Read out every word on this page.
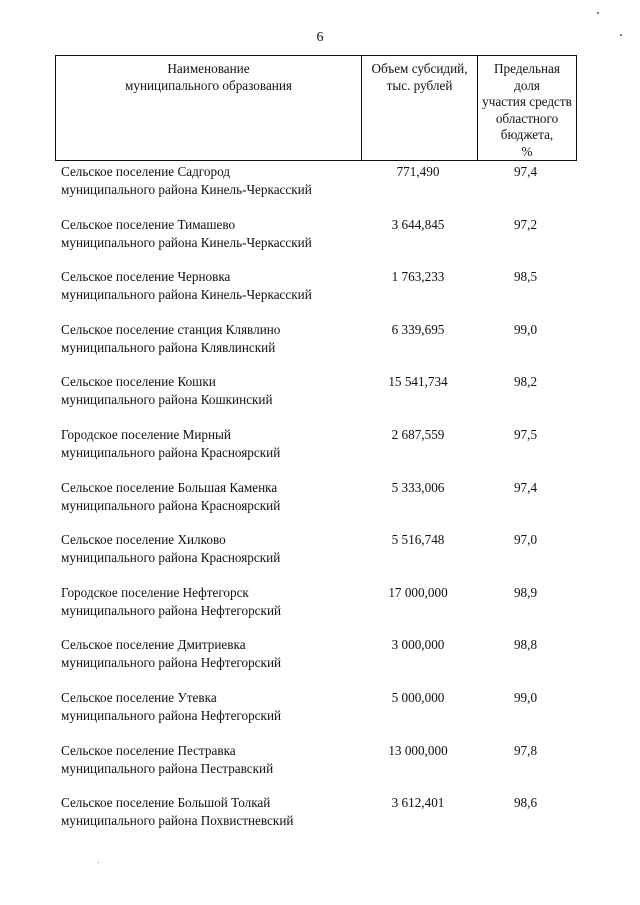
6
Наименование
муниципального образования
Объем субсидий,
тыс. рублей
Предельная
доля
участия средств
областного
бюджета,
%
Сельское поселение Садгород
муниципального района Кинель-Черкасский
771,490	97,4
Сельское поселение Тимашево
муниципального района Кинель-Черкасский
3 644,845	97,2
Сельское поселение Черновка
муниципального района Кинель-Черкасский
1 763,233	98,5
Сельское поселение станция Клявлино
муниципального района Клявлинский
6 339,695	99,0
Сельское поселение Кошки
муниципального района Кошкинский
15 541,734	98,2
Городское поселение Мирный
муниципального района Красноярский
2 687,559	97,5
Сельское поселение Большая Каменка
муниципального района Красноярский
5 333,006	97,4
Сельское поселение Хилково
муниципального района Красноярский
5 516,748	97,0
Городское поселение Нефтегорск
муниципального района Нефтегорский
17 000,000	98,9
Сельское поселение Дмитриевка
муниципального района Нефтегорский
3 000,000	98,8
Сельское поселение Утевка
муниципального района Нефтегорский
5 000,000	99,0
Сельское поселение Пестравка
муниципального района Пестравский
13 000,000	97,8
Сельское поселение Большой Толкай
муниципального района Похвистневский
3 612,401	98,6
